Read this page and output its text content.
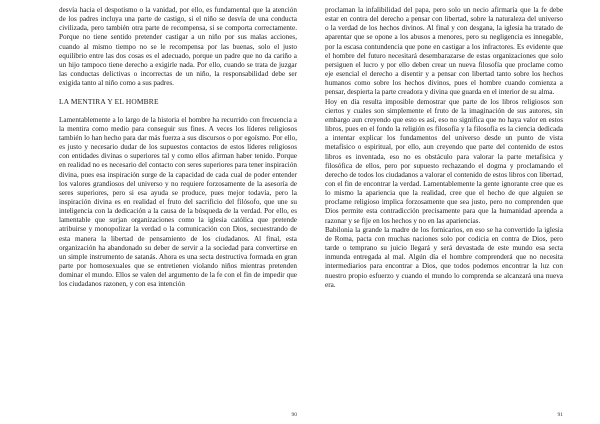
desvía hacia el despotismo o la vanidad, por ello, es fundamental que la atención de los padres incluya una parte de castigo, si el niño se desvía de una conducta civilizada, pero también otra parte de recompensa, si se comporta correctamente. Porque no tiene sentido pretender castigar a un niño por sus malas acciones, cuando al mismo tiempo no se le recompensa por las buenas, solo el justo equilibrio entre las dos cosas es el adecuado, porque un padre que no da cariño a un hijo tampoco tiene derecho a exigirle nada. Por ello, cuando se trata de juzgar las conductas delictivas o incorrectas de un niño, la responsabilidad debe ser exigida tanto al niño como a sus padres.

LA MENTIRA Y EL HOMBRE

Lamentablemente a lo largo de la historia el hombre ha recurrido con frecuencia a la mentira como medio para conseguir sus fines. A veces los líderes religiosos también lo han hecho para dar más fuerza a sus discursos o por egoísmo. Por ello, es justo y necesario dudar de los supuestos contactos de estos líderes religiosos con entidades divinas o superiores tal y como ellos afirman haber tenido. Porque en realidad no es necesario del contacto con seres superiores para tener inspiración divina, pues esa inspiración surge de la capacidad de cada cual de poder entender los valores grandiosos del universo y no requiere forzosamente de la asesoría de seres superiores, pero si esa ayuda se produce, pues mejor todavía, pero la inspiración divina es en realidad el fruto del sacrificio del filósofo, que une su inteligencia con la dedicación a la causa de la búsqueda de la verdad. Por ello, es lamentable que surjan organizaciones como la iglesia católica que pretende atribuirse y monopolizar la verdad o la comunicación con Dios, secuestrando de esta manera la libertad de pensamiento de los ciudadanos. Al final, esta organización ha abandonado su deber de servir a la sociedad para convertirse en un simple instrumento de satanás. Ahora es una secta destructiva formada en gran parte por homosexuales que se entretienen violando niños mientras pretenden dominar el mundo. Ellos se valen del argumento de la fe con el fin de impedir que los ciudadanos razonen, y con esa intención

90

proclaman la infalibilidad del papa, pero solo un necio afirmaría que la fe debe estar en contra del derecho a pensar con libertad, sobre la naturaleza del universo o la verdad de los hechos divinos. Al final y con desgana, la iglesia ha tratado de aparentar que se opone a los abusos a menores, pero su negligencia es innegable, por la escasa contundencia que pone en castigar a los infractores. Es evidente que el hombre del futuro necesitará desembarazarse de estas organizaciones que solo persiguen el lucro y por ello deben crear un nueva filosofía que proclame como eje esencial el derecho a disentir y a pensar con libertad tanto sobre los hechos humanos como sobre los hechos divinos, pues el hombre cuando comienza a pensar, despierta la parte creadora y divina que guarda en el interior de su alma.

Hoy en día resulta imposible demostrar que parte de los libros religiosos son ciertos y cuales son simplemente el fruto de la imaginación de sus autores, sin embargo aun creyendo que esto es así, eso no significa que no haya valor en estos libros, pues en el fondo la religión es filosofía y la filosofía es la ciencia dedicada a intentar explicar los fundamentos del universo desde un punto de vista metafísico o espiritual, por ello, aun creyendo que parte del contenido de estos libros es inventada, eso no es obstáculo para valorar la parte metafísica y filosófica de ellos, pero por supuesto rechazando el dogma y proclamando el derecho de todos los ciudadanos a valorar el contenido de estos libros con libertad, con el fin de encontrar la verdad. Lamentablemente la gente ignorante cree que es lo mismo la apariencia que la realidad, cree que el hecho de que alguien se proclame religioso implica forzosamente que sea justo, pero no comprenden que Dios permite esta contradicción precisamente para que la humanidad aprenda a razonar y se fije en los hechos y no en las apariencias.

Babilonia la grande la madre de los fornicarios, en eso se ha convertido la iglesia de Roma, pacta con muchas naciones solo por codicia en contra de Dios, pero tarde o temprano su juicio llegará y será devastada de este mundo esa secta inmunda entregada al mal. Algún día el hombre comprenderá que no necesita intermediarios para encontrar a Dios, que todos podemos encontrar la luz con nuestro propio esfuerzo y cuando el mundo lo comprenda se alcanzará una nueva era.

91
